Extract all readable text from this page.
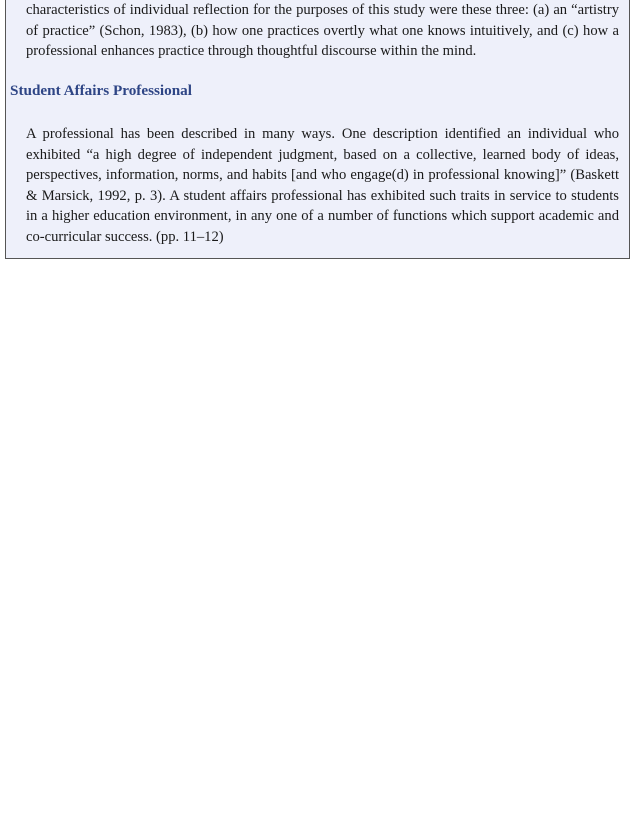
characteristics of individual reflection for the purposes of this study were these three: (a) an “artistry of practice” (Schon, 1983), (b) how one practices overtly what one knows intuitively, and (c) how a professional enhances practice through thoughtful discourse within the mind.

Student Affairs Professional

A professional has been described in many ways. One description identified an individual who exhibited “a high degree of independent judgment, based on a collective, learned body of ideas, perspectives, information, norms, and habits [and who engage(d) in professional knowing]” (Baskett & Marsick, 1992, p. 3). A student affairs professional has exhibited such traits in service to students in a higher education environment, in any one of a number of functions which support academic and co-curricular success. (pp. 11–12)
